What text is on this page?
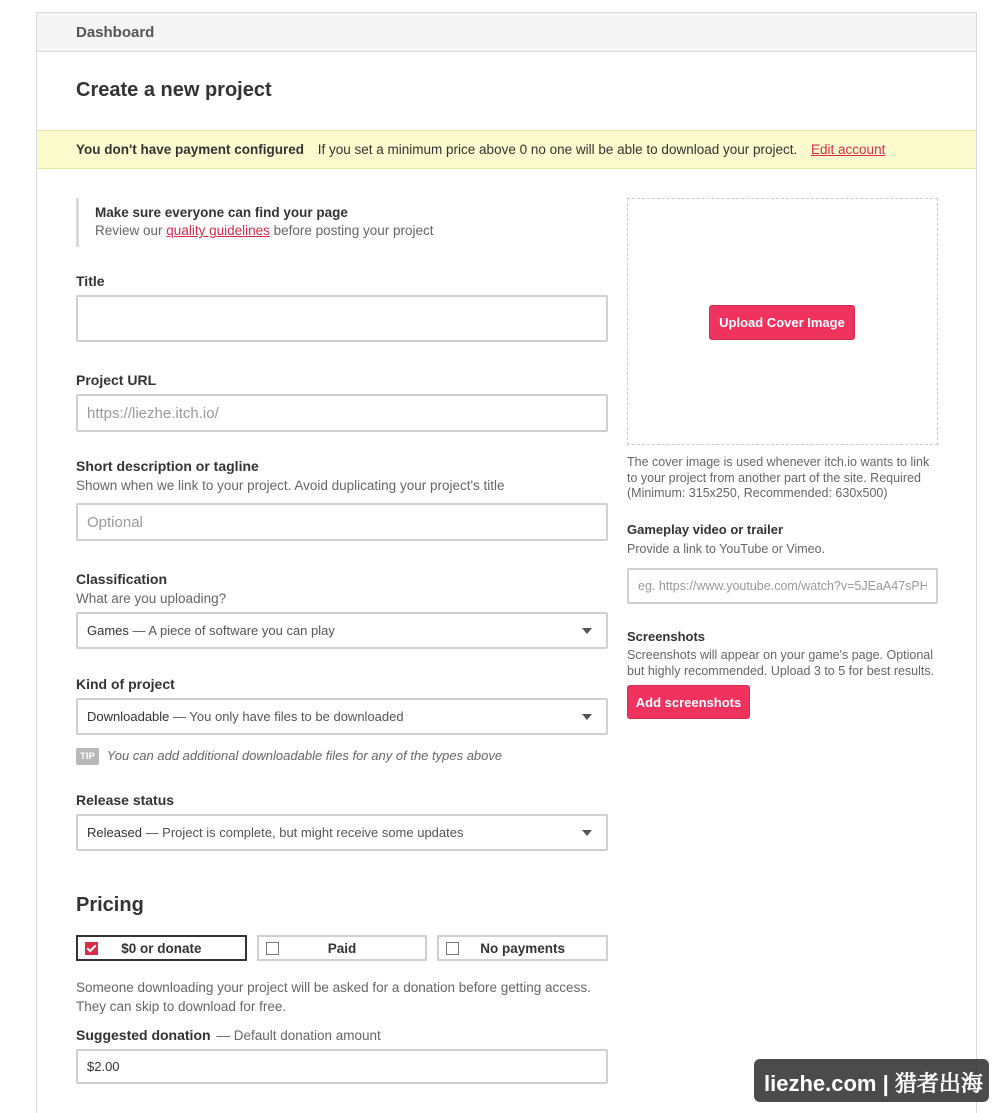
Dashboard
Create a new project
You don't have payment configured If you set a minimum price above 0 no one will be able to download your project. Edit account
Make sure everyone can find your page
Review our quality guidelines before posting your project
Title
Project URL
https://liezhe.itch.io/
Short description or tagline
Shown when we link to your project. Avoid duplicating your project's title
Optional
Classification
What are you uploading?
Games — A piece of software you can play
Kind of project
Downloadable — You only have files to be downloaded
TIP You can add additional downloadable files for any of the types above
Release status
Released — Project is complete, but might receive some updates
Pricing
$0 or donate	Paid	No payments
Someone downloading your project will be asked for a donation before getting access. They can skip to download for free.
Suggested donation — Default donation amount
$2.00
Upload Cover Image
The cover image is used whenever itch.io wants to link to your project from another part of the site. Required (Minimum: 315x250, Recommended: 630x500)
Gameplay video or trailer
Provide a link to YouTube or Vimeo.
eg. https://www.youtube.com/watch?v=5JEaA47sPHk
Screenshots
Screenshots will appear on your game's page. Optional but highly recommended. Upload 3 to 5 for best results.
Add screenshots
liezhe.com | 猎者出海
